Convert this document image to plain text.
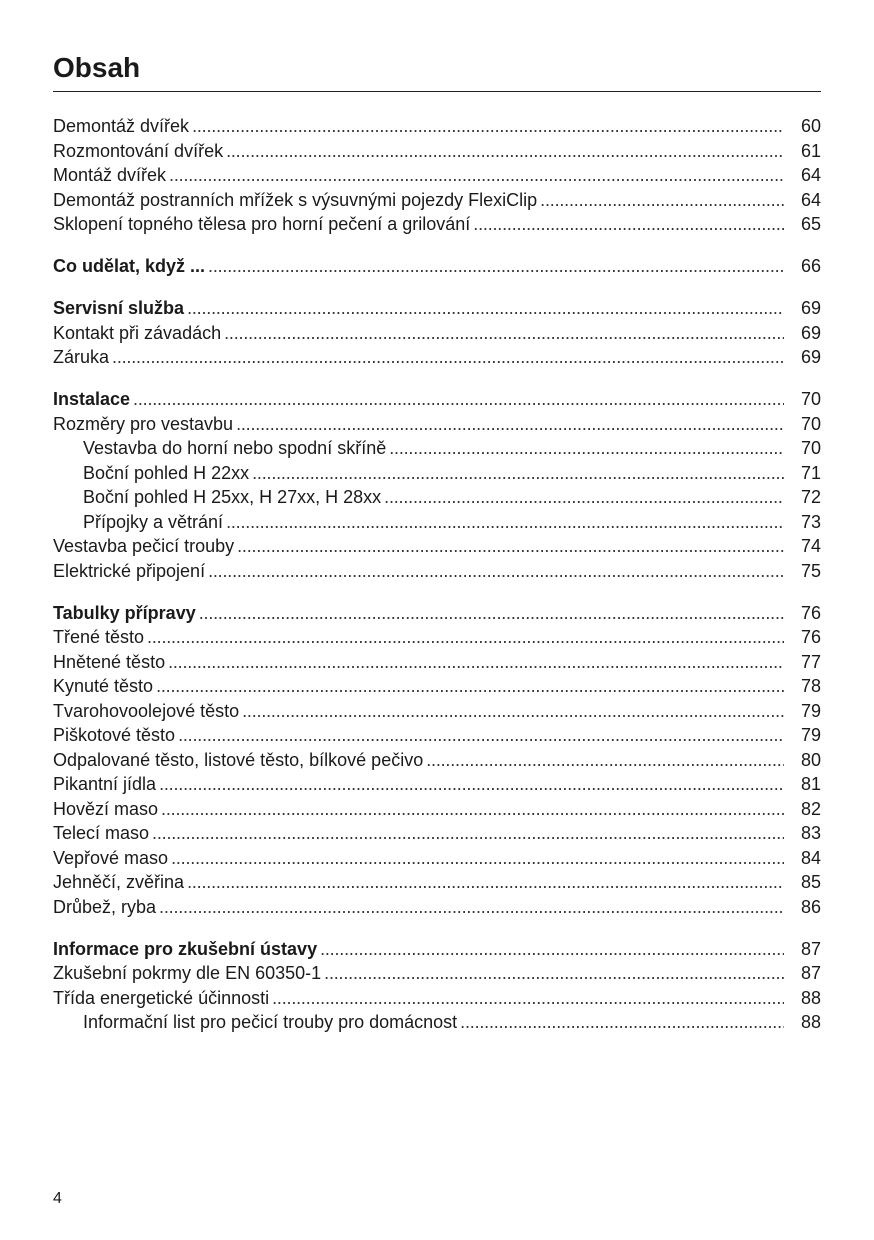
Obsah
Demontáž dvířek . . .	60
Rozmontování dvířek . . .	61
Montáž dvířek . . .	64
Demontáž postranních mřížek s výsuvnými pojezdy FlexiClip . . .	64
Sklopení topného tělesa pro horní pečení a grilování . . .	65
Co udělat, když ... . . .	66
Servisní služba . . .	69
Kontakt při závadách . . .	69
Záruka . . .	69
Instalace . . .	70
Rozměry pro vestavbu . . .	70
Vestavba do horní nebo spodní skříně . . .	70
Boční pohled H 22xx . . .	71
Boční pohled H 25xx, H 27xx, H 28xx . . .	72
Přípojky a větrání . . .	73
Vestavba pečicí trouby . . .	74
Elektrické připojení . . .	75
Tabulky přípravy . . .	76
Třené těsto . . .	76
Hnětené těsto . . .	77
Kynuté těsto . . .	78
Tvarohovoolejové těsto . . .	79
Piškotové těsto . . .	79
Odpalované těsto, listové těsto, bílkové pečivo . . .	80
Pikantní jídla . . .	81
Hovězí maso . . .	82
Telecí maso . . .	83
Vepřové maso . . .	84
Jehněčí, zvěřina . . .	85
Drůbež, ryba . . .	86
Informace pro zkušební ústavy . . .	87
Zkušební pokrmy dle EN 60350-1 . . .	87
Třída energetické účinnosti . . .	88
Informační list pro pečicí trouby pro domácnost . . .	88
4
